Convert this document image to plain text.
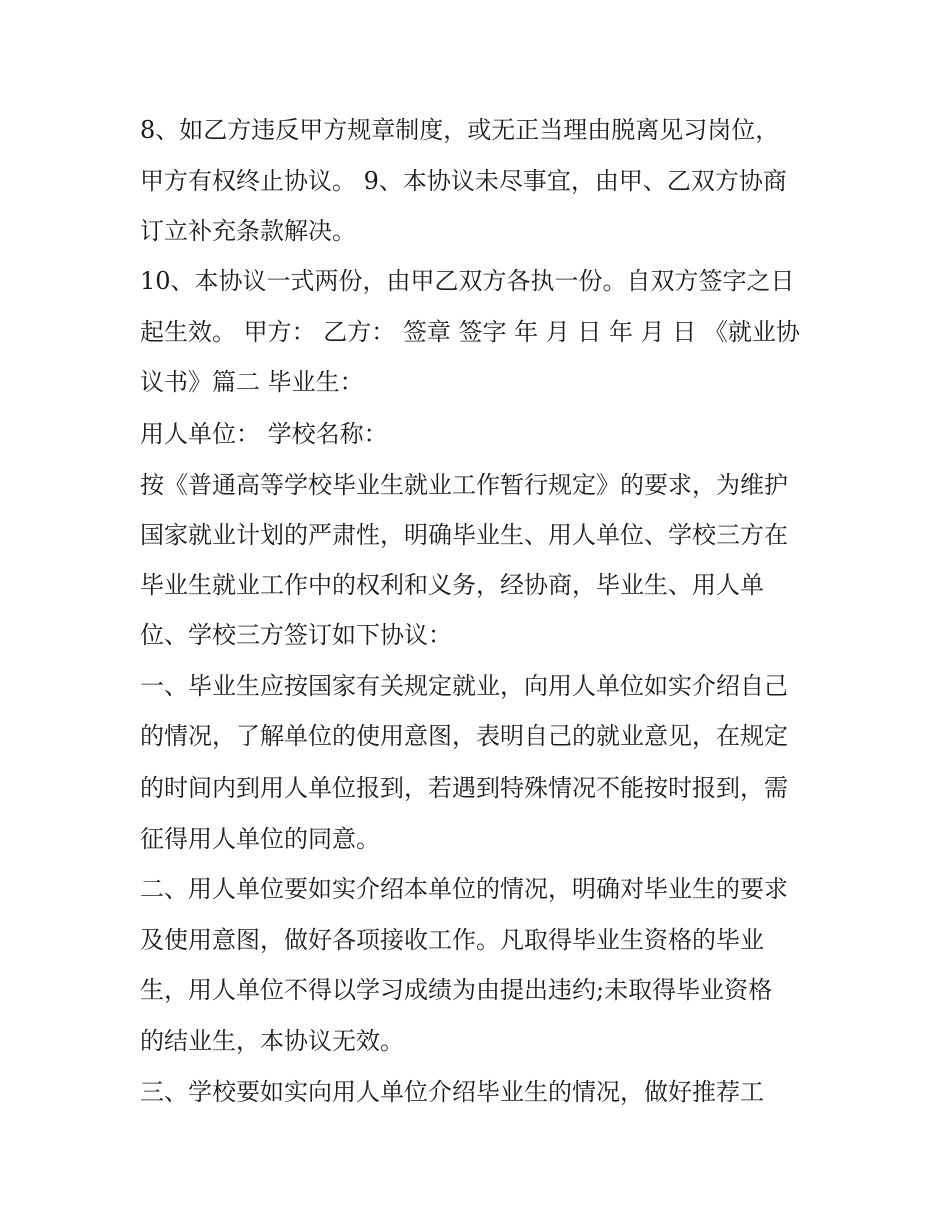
8、如乙方违反甲方规章制度，或无正当理由脱离见习岗位，
甲方有权终止协议。 9、本协议未尽事宜，由甲、乙双方协商
订立补充条款解决。
10、本协议一式两份，由甲乙双方各执一份。自双方签字之日
起生效。 甲方： 乙方： 签章 签字 年 月 日 年 月 日 《就业协
议书》篇二 毕业生：
用人单位： 学校名称：
按《普通高等学校毕业生就业工作暂行规定》的要求，为维护
国家就业计划的严肃性，明确毕业生、用人单位、学校三方在
毕业生就业工作中的权利和义务，经协商，毕业生、用人单
位、学校三方签订如下协议：
一、毕业生应按国家有关规定就业，向用人单位如实介绍自己
的情况，了解单位的使用意图，表明自己的就业意见，在规定
的时间内到用人单位报到，若遇到特殊情况不能按时报到，需
征得用人单位的同意。
二、用人单位要如实介绍本单位的情况，明确对毕业生的要求
及使用意图，做好各项接收工作。凡取得毕业生资格的毕业
生，用人单位不得以学习成绩为由提出违约;未取得毕业资格
的结业生，本协议无效。
三、学校要如实向用人单位介绍毕业生的情况，做好推荐工
